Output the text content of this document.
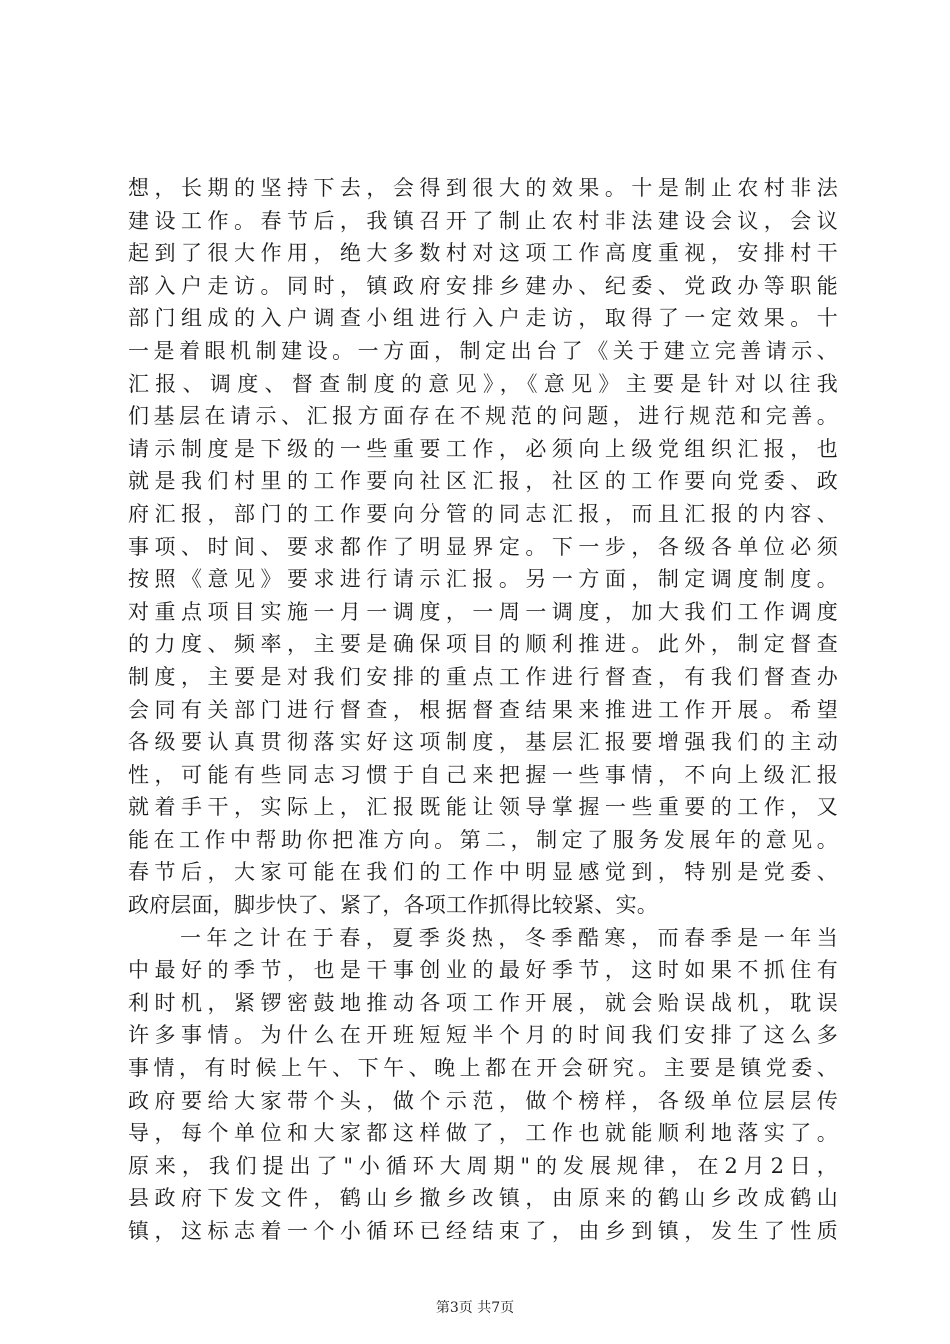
想，长期的坚持下去，会得到很大的效果。十是制止农村非法
建设工作。春节后，我镇召开了制止农村非法建设会议，会议
起到了很大作用，绝大多数村对这项工作高度重视，安排村干
部入户走访。同时，镇政府安排乡建办、纪委、党政办等职能
部门组成的入户调查小组进行入户走访，取得了一定效果。十
一是着眼机制建设。一方面，制定出台了《关于建立完善请示、
汇报、调度、督查制度的意见》，《意见》主要是针对以往我
们基层在请示、汇报方面存在不规范的问题，进行规范和完善。
请示制度是下级的一些重要工作，必须向上级党组织汇报，也
就是我们村里的工作要向社区汇报，社区的工作要向党委、政
府汇报，部门的工作要向分管的同志汇报，而且汇报的内容、
事项、时间、要求都作了明显界定。下一步，各级各单位必须
按照《意见》要求进行请示汇报。另一方面，制定调度制度。
对重点项目实施一月一调度，一周一调度，加大我们工作调度
的力度、频率，主要是确保项目的顺利推进。此外，制定督查
制度，主要是对我们安排的重点工作进行督查，有我们督查办
会同有关部门进行督查，根据督查结果来推进工作开展。希望
各级要认真贯彻落实好这项制度，基层汇报要增强我们的主动
性，可能有些同志习惯于自己来把握一些事情，不向上级汇报
就着手干，实际上，汇报既能让领导掌握一些重要的工作，又
能在工作中帮助你把准方向。第二，制定了服务发展年的意见。
春节后，大家可能在我们的工作中明显感觉到，特别是党委、
政府层面，脚步快了、紧了，各项工作抓得比较紧、实。
一年之计在于春，夏季炎热，冬季酷寒，而春季是一年当
中最好的季节，也是干事创业的最好季节，这时如果不抓住有
利时机，紧锣密鼓地推动各项工作开展，就会贻误战机，耽误
许多事情。为什么在开班短短半个月的时间我们安排了这么多
事情，有时候上午、下午、晚上都在开会研究。主要是镇党委、
政府要给大家带个头，做个示范，做个榜样，各级单位层层传
导，每个单位和大家都这样做了，工作也就能顺利地落实了。
原来，我们提出了"小循环大周期"的发展规律，在2月2日，
县政府下发文件，鹤山乡撤乡改镇，由原来的鹤山乡改成鹤山
镇，这标志着一个小循环已经结束了，由乡到镇，发生了性质
第3页 共7页
